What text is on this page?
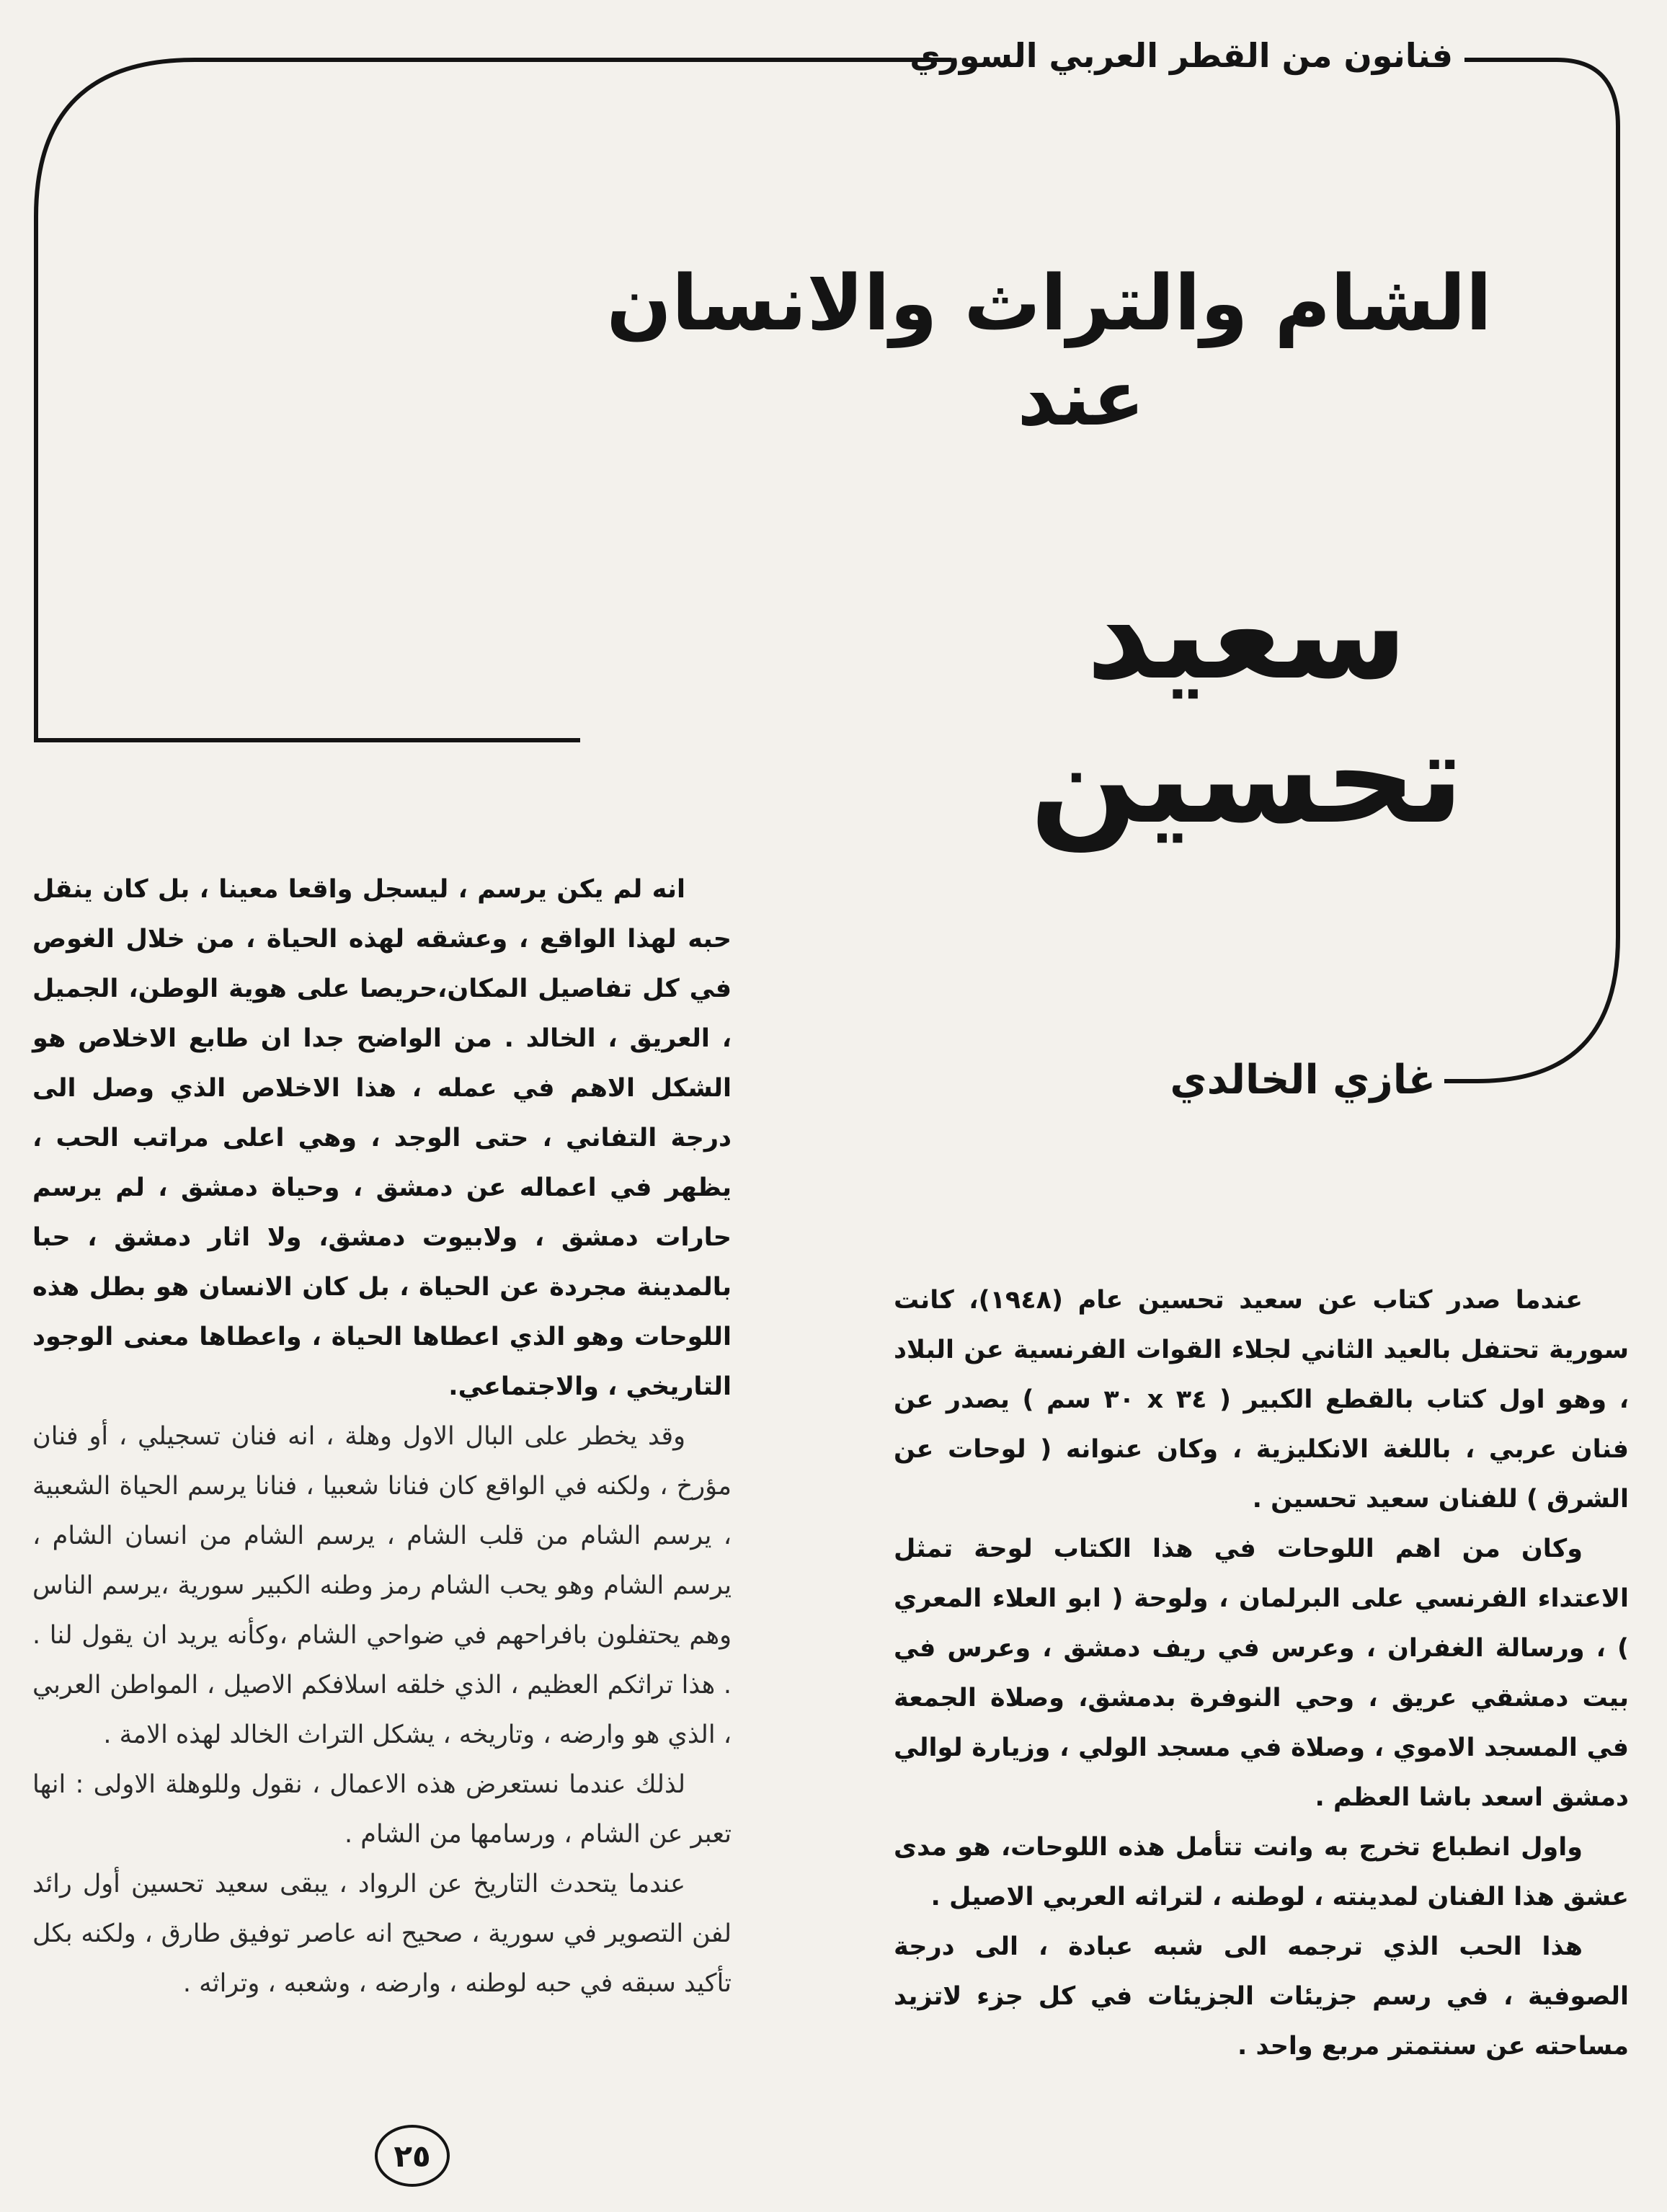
فنانون من القطر العربي السوري
الشام والتراث والانسان
عند
سعيد
تحسين
غازي الخالدي

انه لم يكن يرسم ، ليسجل واقعا معينا ، بل كان ينقل حبه لهذا الواقع ، وعشقه لهذه الحياة ، من خلال الغوص في كل تفاصيل المكان،حريصا على هوية الوطن، الجميل ، العريق ، الخالد . من الواضح جدا ان طابع الاخلاص هو الشكل الاهم في عمله ، هذا الاخلاص الذي وصل الى درجة التفاني ، حتى الوجد ، وهي اعلى مراتب الحب ، يظهر في اعماله عن دمشق ، وحياة دمشق ، لم يرسم حارات دمشق ، ولابيوت دمشق، ولا اثار دمشق ، حبا بالمدينة مجردة عن الحياة ، بل كان الانسان هو بطل هذه اللوحات وهو الذي اعطاها الحياة ، واعطاها معنى الوجود التاريخي ، والاجتماعي.

وقد يخطر على البال الاول وهلة ، انه فنان تسجيلي ، أو فنان مؤرخ ، ولكنه في الواقع كان فنانا شعبيا ، فنانا يرسم الحياة الشعبية ، يرسم الشام من قلب الشام ، يرسم الشام من انسان الشام ، يرسم الشام وهو يحب الشام رمز وطنه الكبير سورية ،يرسم الناس وهم يحتفلون بافراحهم في ضواحي الشام ،وكأنه يريد ان يقول لنا . . هذا تراثكم العظيم ، الذي خلقه اسلافكم الاصيل ، المواطن العربي ، الذي هو وارضه ، وتاريخه ، يشكل التراث الخالد لهذه الامة .

لذلك عندما نستعرض هذه الاعمال ، نقول وللوهلة الاولى : انها تعبر عن الشام ، ورسامها من الشام .

عندما يتحدث التاريخ عن الرواد ، يبقى سعيد تحسين أول رائد لفن التصوير في سورية ، صحيح انه عاصر توفيق طارق ، ولكنه بكل تأكيد سبقه في حبه لوطنه ، وارضه ، وشعبه ، وتراثه .

عندما صدر كتاب عن سعيد تحسين عام (١٩٤٨)، كانت سورية تحتفل بالعيد الثاني لجلاء القوات الفرنسية عن البلاد ، وهو اول كتاب بالقطع الكبير ( ٣٤ x ٣٠ سم ) يصدر عن فنان عربي ، باللغة الانكليزية ، وكان عنوانه ( لوحات عن الشرق ) للفنان سعيد تحسين .

وكان من اهم اللوحات في هذا الكتاب لوحة تمثل الاعتداء الفرنسي على البرلمان ، ولوحة ( ابو العلاء المعري ) ، ورسالة الغفران ، وعرس في ريف دمشق ، وعرس في بيت دمشقي عريق ، وحي النوفرة بدمشق، وصلاة الجمعة في المسجد الاموي ، وصلاة في مسجد الولي ، وزيارة لوالي دمشق اسعد باشا العظم .

واول انطباع تخرج به وانت تتأمل هذه اللوحات، هو مدى عشق هذا الفنان لمدينته ، لوطنه ، لتراثه العربي الاصيل .

هذا الحب الذي ترجمه الى شبه عبادة ، الى درجة الصوفية ، في رسم جزيئات الجزيئات في كل جزء لاتزيد مساحته عن سنتمتر مربع واحد .

٢٥
